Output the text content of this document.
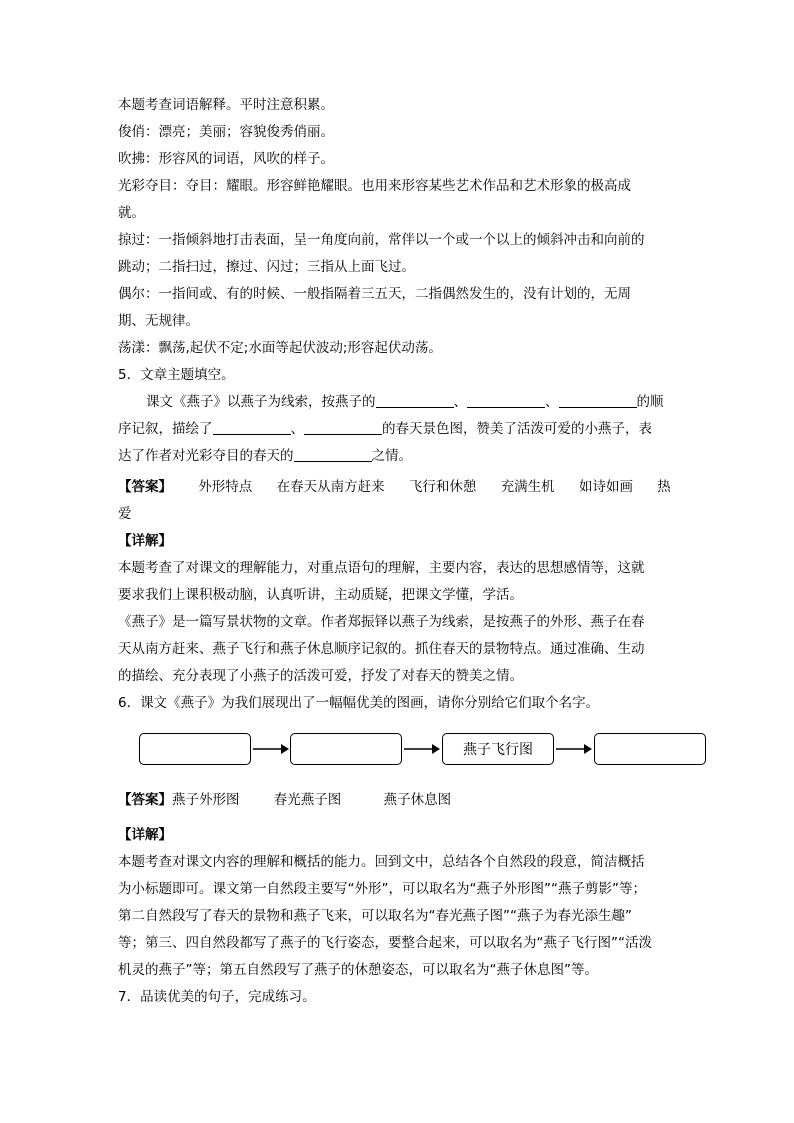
本题考查词语解释。平时注意积累。
俊俏：漂亮；美丽；容貌俊秀俏丽。
吹拂：形容风的词语，风吹的样子。
光彩夺目：夺目：耀眼。形容鲜艳耀眼。也用来形容某些艺术作品和艺术形象的极高成
就。
掠过：一指倾斜地打击表面，呈一角度向前，常伴以一个或一个以上的倾斜冲击和向前的
跳动；二指扫过，擦过、闪过；三指从上面飞过。
偶尔：一指间或、有的时候、一般指隔着三五天，二指偶然发生的，没有计划的，无周
期、无规律。
荡漾：飘荡,起伏不定;水面等起伏波动;形容起伏动荡。
5．文章主题填空。
课文《燕子》以燕子为线索，按燕子的	、	、	的顺
序记叙，描绘了	、	的春天景色图，赞美了活泼可爱的小燕子，表
达了作者对光彩夺目的春天的	之情。
【答案】 外形特点 在春天从南方赶来 飞行和休憩 充满生机 如诗如画 热
爱
【详解】
本题考查了对课文的理解能力，对重点语句的理解，主要内容，表达的思想感情等，这就
要求我们上课积极动脑，认真听讲，主动质疑，把课文学懂，学活。
《燕子》是一篇写景状物的文章。作者郑振铎以燕子为线索，是按燕子的外形、燕子在春
天从南方赶来、燕子飞行和燕子休息顺序记叙的。抓住春天的景物特点。通过准确、生动
的描绘、充分表现了小燕子的活泼可爱，抒发了对春天的赞美之情。
6．课文《燕子》为我们展现出了一幅幅优美的图画，请你分别给它们取个名字。
燕子飞行图
【答案】燕子外形图	春光燕子图	燕子休息图
【详解】
本题考查对课文内容的理解和概括的能力。回到文中，总结各个自然段的段意，简洁概括
为小标题即可。课文第一自然段主要写“外形”，可以取名为“燕子外形图”“燕子剪影”等；
第二自然段写了春天的景物和燕子飞来，可以取名为“春光燕子图”“燕子为春光添生趣”
等；第三、四自然段都写了燕子的飞行姿态，要整合起来，可以取名为“燕子飞行图”“活泼
机灵的燕子”等；第五自然段写了燕子的休憩姿态，可以取名为“燕子休息图”等。
7．品读优美的句子，完成练习。
